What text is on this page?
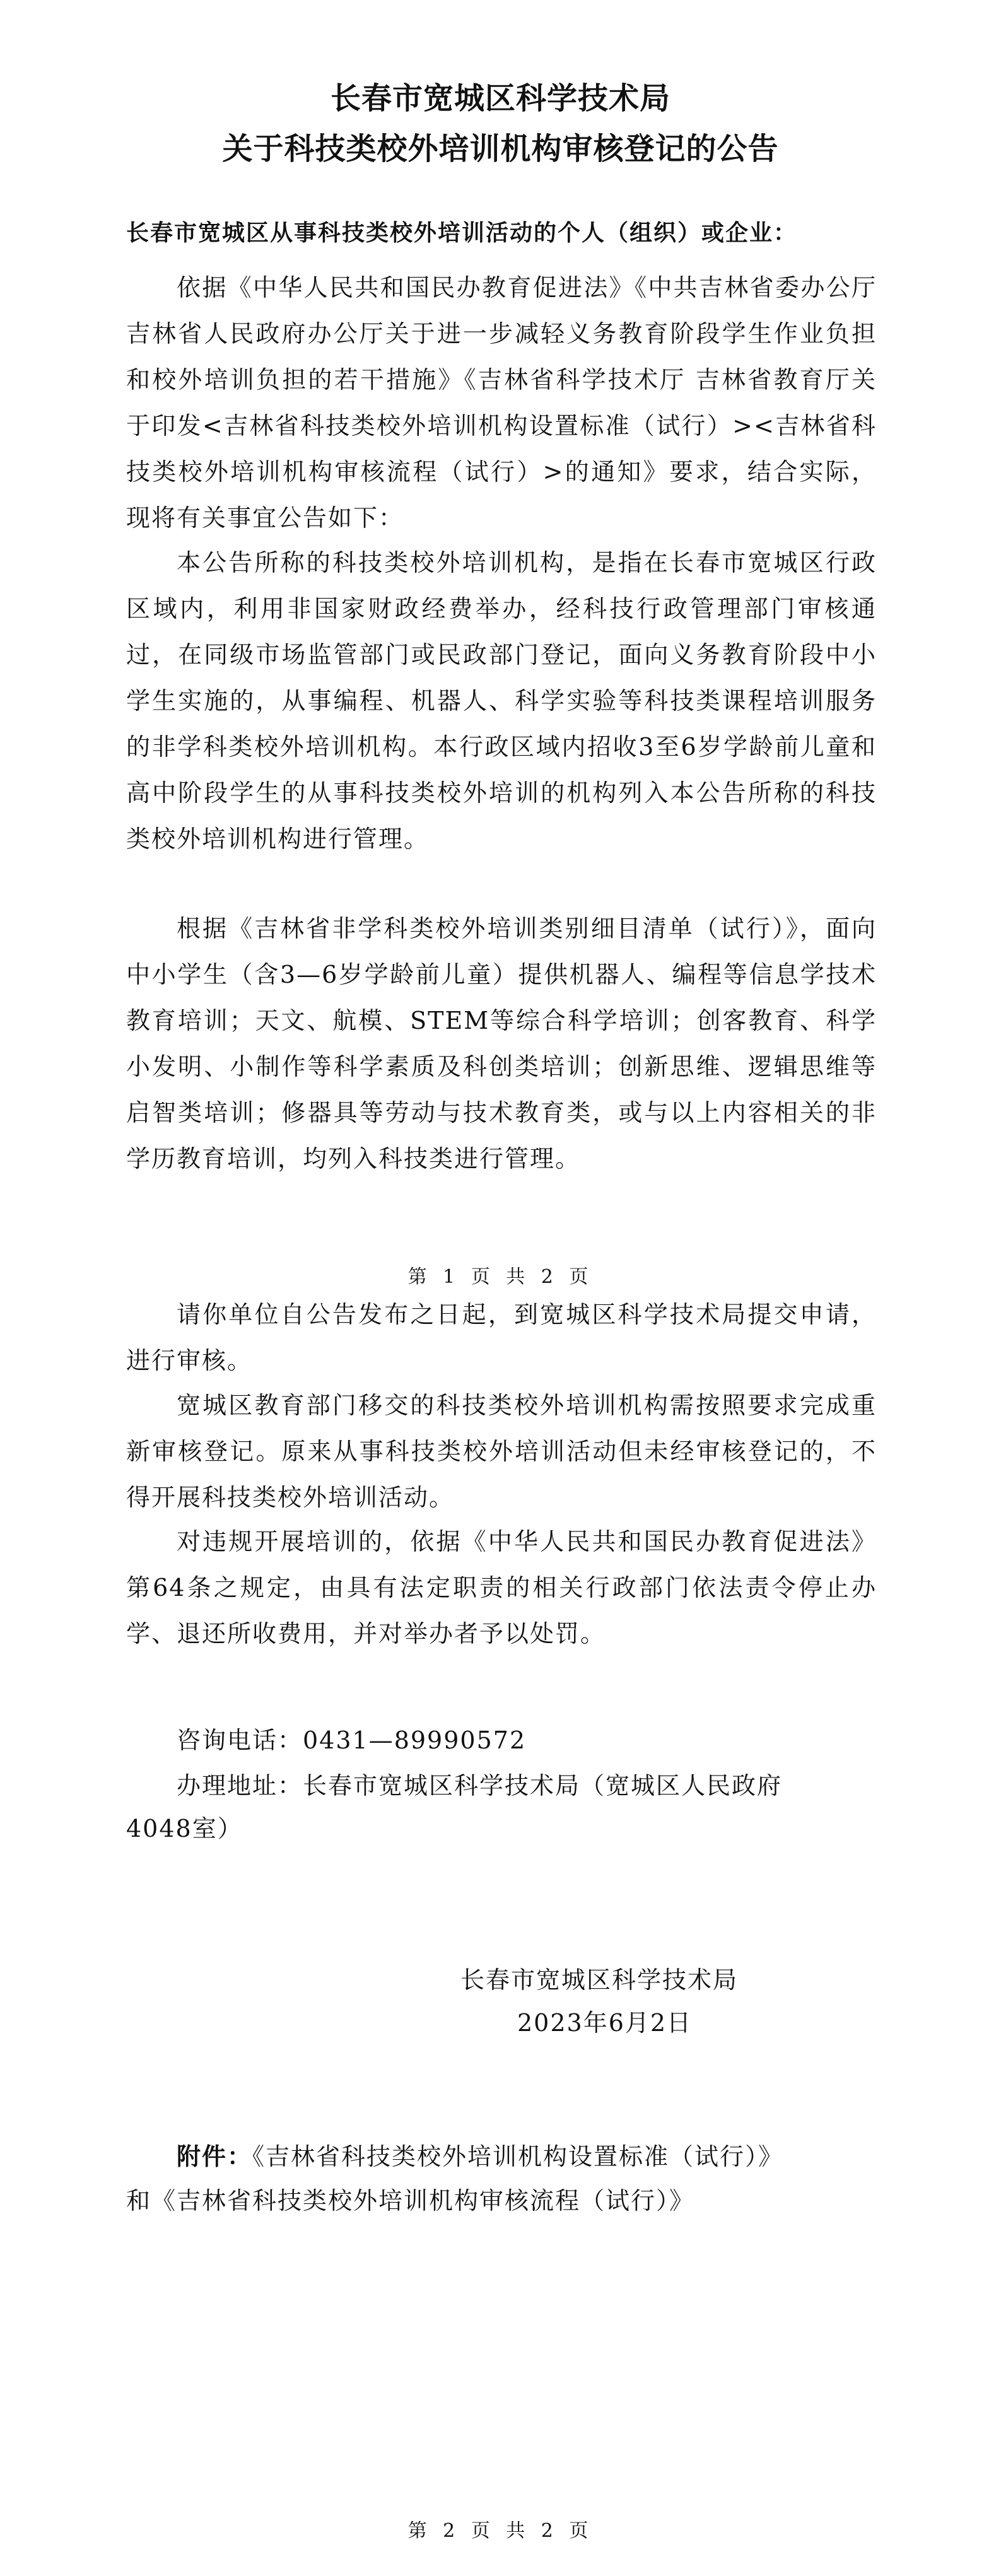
长春市宽城区科学技术局
关于科技类校外培训机构审核登记的公告
长春市宽城区从事科技类校外培训活动的个人（组织）或企业：

依据《中华人民共和国民办教育促进法》《中共吉林省委办公厅 吉林省人民政府办公厅关于进一步减轻义务教育阶段学生作业负担和校外培训负担的若干措施》《吉林省科学技术厅 吉林省教育厅关于印发<吉林省科技类校外培训机构设置标准（试行）><吉林省科技类校外培训机构审核流程（试行）>的通知》要求，结合实际，现将有关事宜公告如下：

本公告所称的科技类校外培训机构，是指在长春市宽城区行政区域内，利用非国家财政经费举办，经科技行政管理部门审核通过，在同级市场监管部门或民政部门登记，面向义务教育阶段中小学生实施的，从事编程、机器人、科学实验等科技类课程培训服务的非学科类校外培训机构。本行政区域内招收3至6岁学龄前儿童和高中阶段学生的从事科技类校外培训的机构列入本公告所称的科技类校外培训机构进行管理。

根据《吉林省非学科类校外培训类别细目清单（试行）》，面向中小学生（含3—6岁学龄前儿童）提供机器人、编程等信息学技术教育培训；天文、航模、STEM等综合科学培训；创客教育、科学小发明、小制作等科学素质及科创类培训；创新思维、逻辑思维等启智类培训；修器具等劳动与技术教育类，或与以上内容相关的非学历教育培训，均列入科技类进行管理。

第 1 页 共 2 页

请你单位自公告发布之日起，到宽城区科学技术局提交申请，进行审核。

宽城区教育部门移交的科技类校外培训机构需按照要求完成重新审核登记。原来从事科技类校外培训活动但未经审核登记的，不得开展科技类校外培训活动。

对违规开展培训的，依据《中华人民共和国民办教育促进法》第64条之规定，由具有法定职责的相关行政部门依法责令停止办学、退还所收费用，并对举办者予以处罚。

咨询电话：0431—89990572
办理地址：长春市宽城区科学技术局（宽城区人民政府
4048室）
长春市宽城区科学技术局
2023年6月2日
附件：《吉林省科技类校外培训机构设置标准（试行）》
和《吉林省科技类校外培训机构审核流程（试行）》
第 2 页 共 2 页
